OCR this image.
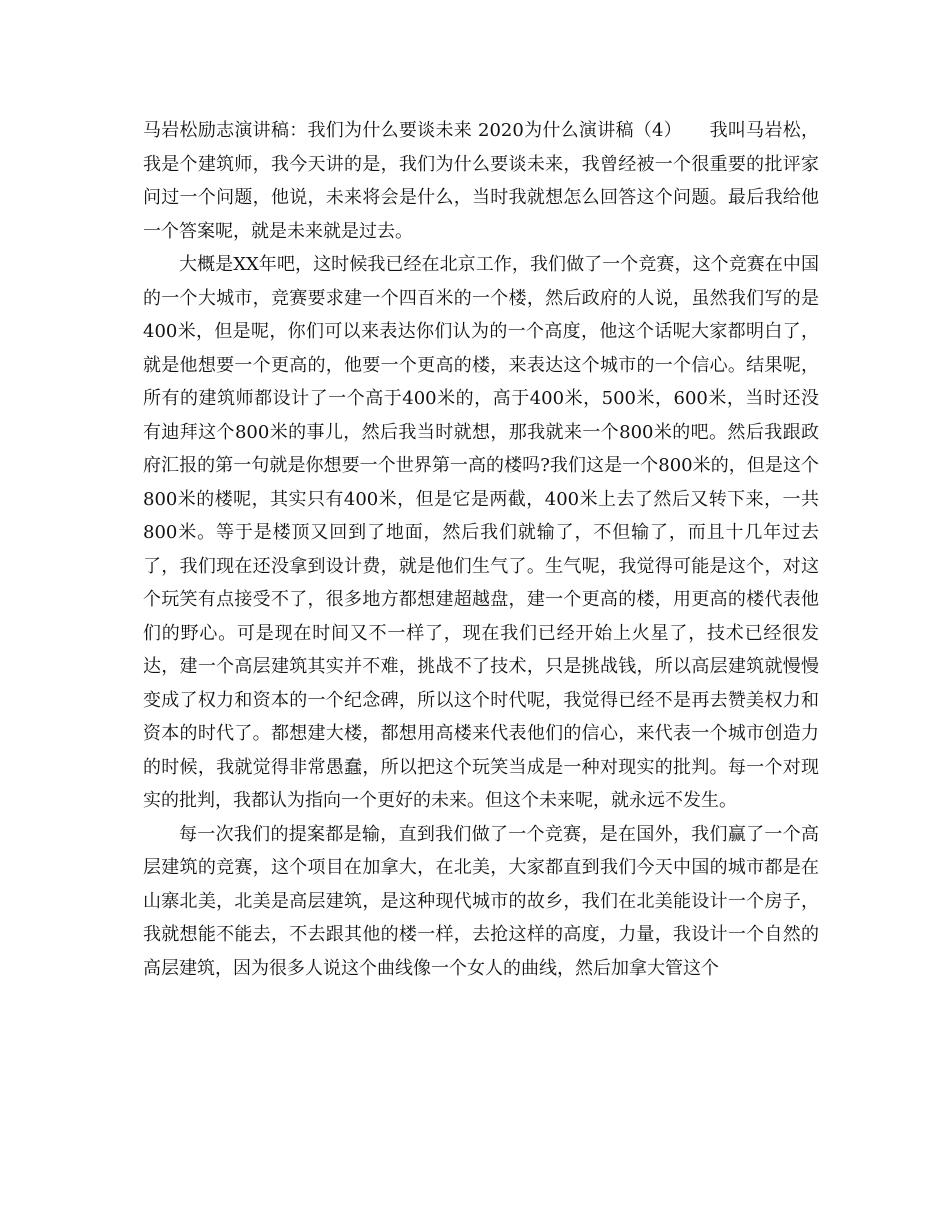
马岩松励志演讲稿：我们为什么要谈未来 2020为什么演讲稿（4）　　我叫马岩松，我是个建筑师，我今天讲的是，我们为什么要谈未来，我曾经被一个很重要的批评家问过一个问题，他说，未来将会是什么，当时我就想怎么回答这个问题。最后我给他一个答案呢，就是未来就是过去。

大概是XX年吧，这时候我已经在北京工作，我们做了一个竞赛，这个竞赛在中国的一个大城市，竞赛要求建一个四百米的一个楼，然后政府的人说，虽然我们写的是400米，但是呢，你们可以来表达你们认为的一个高度，他这个话呢大家都明白了，就是他想要一个更高的，他要一个更高的楼，来表达这个城市的一个信心。结果呢，所有的建筑师都设计了一个高于400米的，高于400米，500米，600米，当时还没有迪拜这个800米的事儿，然后我当时就想，那我就来一个800米的吧。然后我跟政府汇报的第一句就是你想要一个世界第一高的楼吗?我们这是一个800米的，但是这个800米的楼呢，其实只有400米，但是它是两截，400米上去了然后又转下来，一共800米。等于是楼顶又回到了地面，然后我们就输了，不但输了，而且十几年过去了，我们现在还没拿到设计费，就是他们生气了。生气呢，我觉得可能是这个，对这个玩笑有点接受不了，很多地方都想建超越盘，建一个更高的楼，用更高的楼代表他们的野心。可是现在时间又不一样了，现在我们已经开始上火星了，技术已经很发达，建一个高层建筑其实并不难，挑战不了技术，只是挑战钱，所以高层建筑就慢慢变成了权力和资本的一个纪念碑，所以这个时代呢，我觉得已经不是再去赞美权力和资本的时代了。都想建大楼，都想用高楼来代表他们的信心，来代表一个城市创造力的时候，我就觉得非常愚蠢，所以把这个玩笑当成是一种对现实的批判。每一个对现实的批判，我都认为指向一个更好的未来。但这个未来呢，就永远不发生。

每一次我们的提案都是输，直到我们做了一个竞赛，是在国外，我们赢了一个高层建筑的竞赛，这个项目在加拿大，在北美，大家都直到我们今天中国的城市都是在山寨北美，北美是高层建筑，是这种现代城市的故乡，我们在北美能设计一个房子，我就想能不能去，不去跟其他的楼一样，去抢这样的高度，力量，我设计一个自然的高层建筑，因为很多人说这个曲线像一个女人的曲线，然后加拿大管这个
